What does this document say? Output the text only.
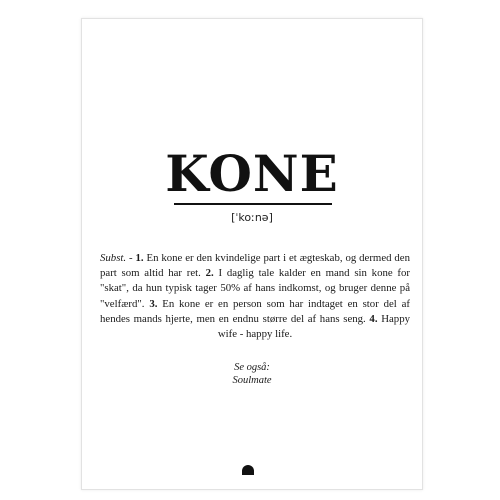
KONE
[ˈkoːnə]
Subst. - 1. En kone er den kvindelige part i et ægteskab, og dermed den part som altid har ret. 2. I daglig tale kalder en mand sin kone for "skat", da hun typisk tager 50% af hans indkomst, og bruger denne på "velfærd". 3. En kone er en person som har indtaget en stor del af hendes mands hjerte, men en endnu større del af hans seng. 4. Happy wife - happy life.
Se også:
Soulmate
